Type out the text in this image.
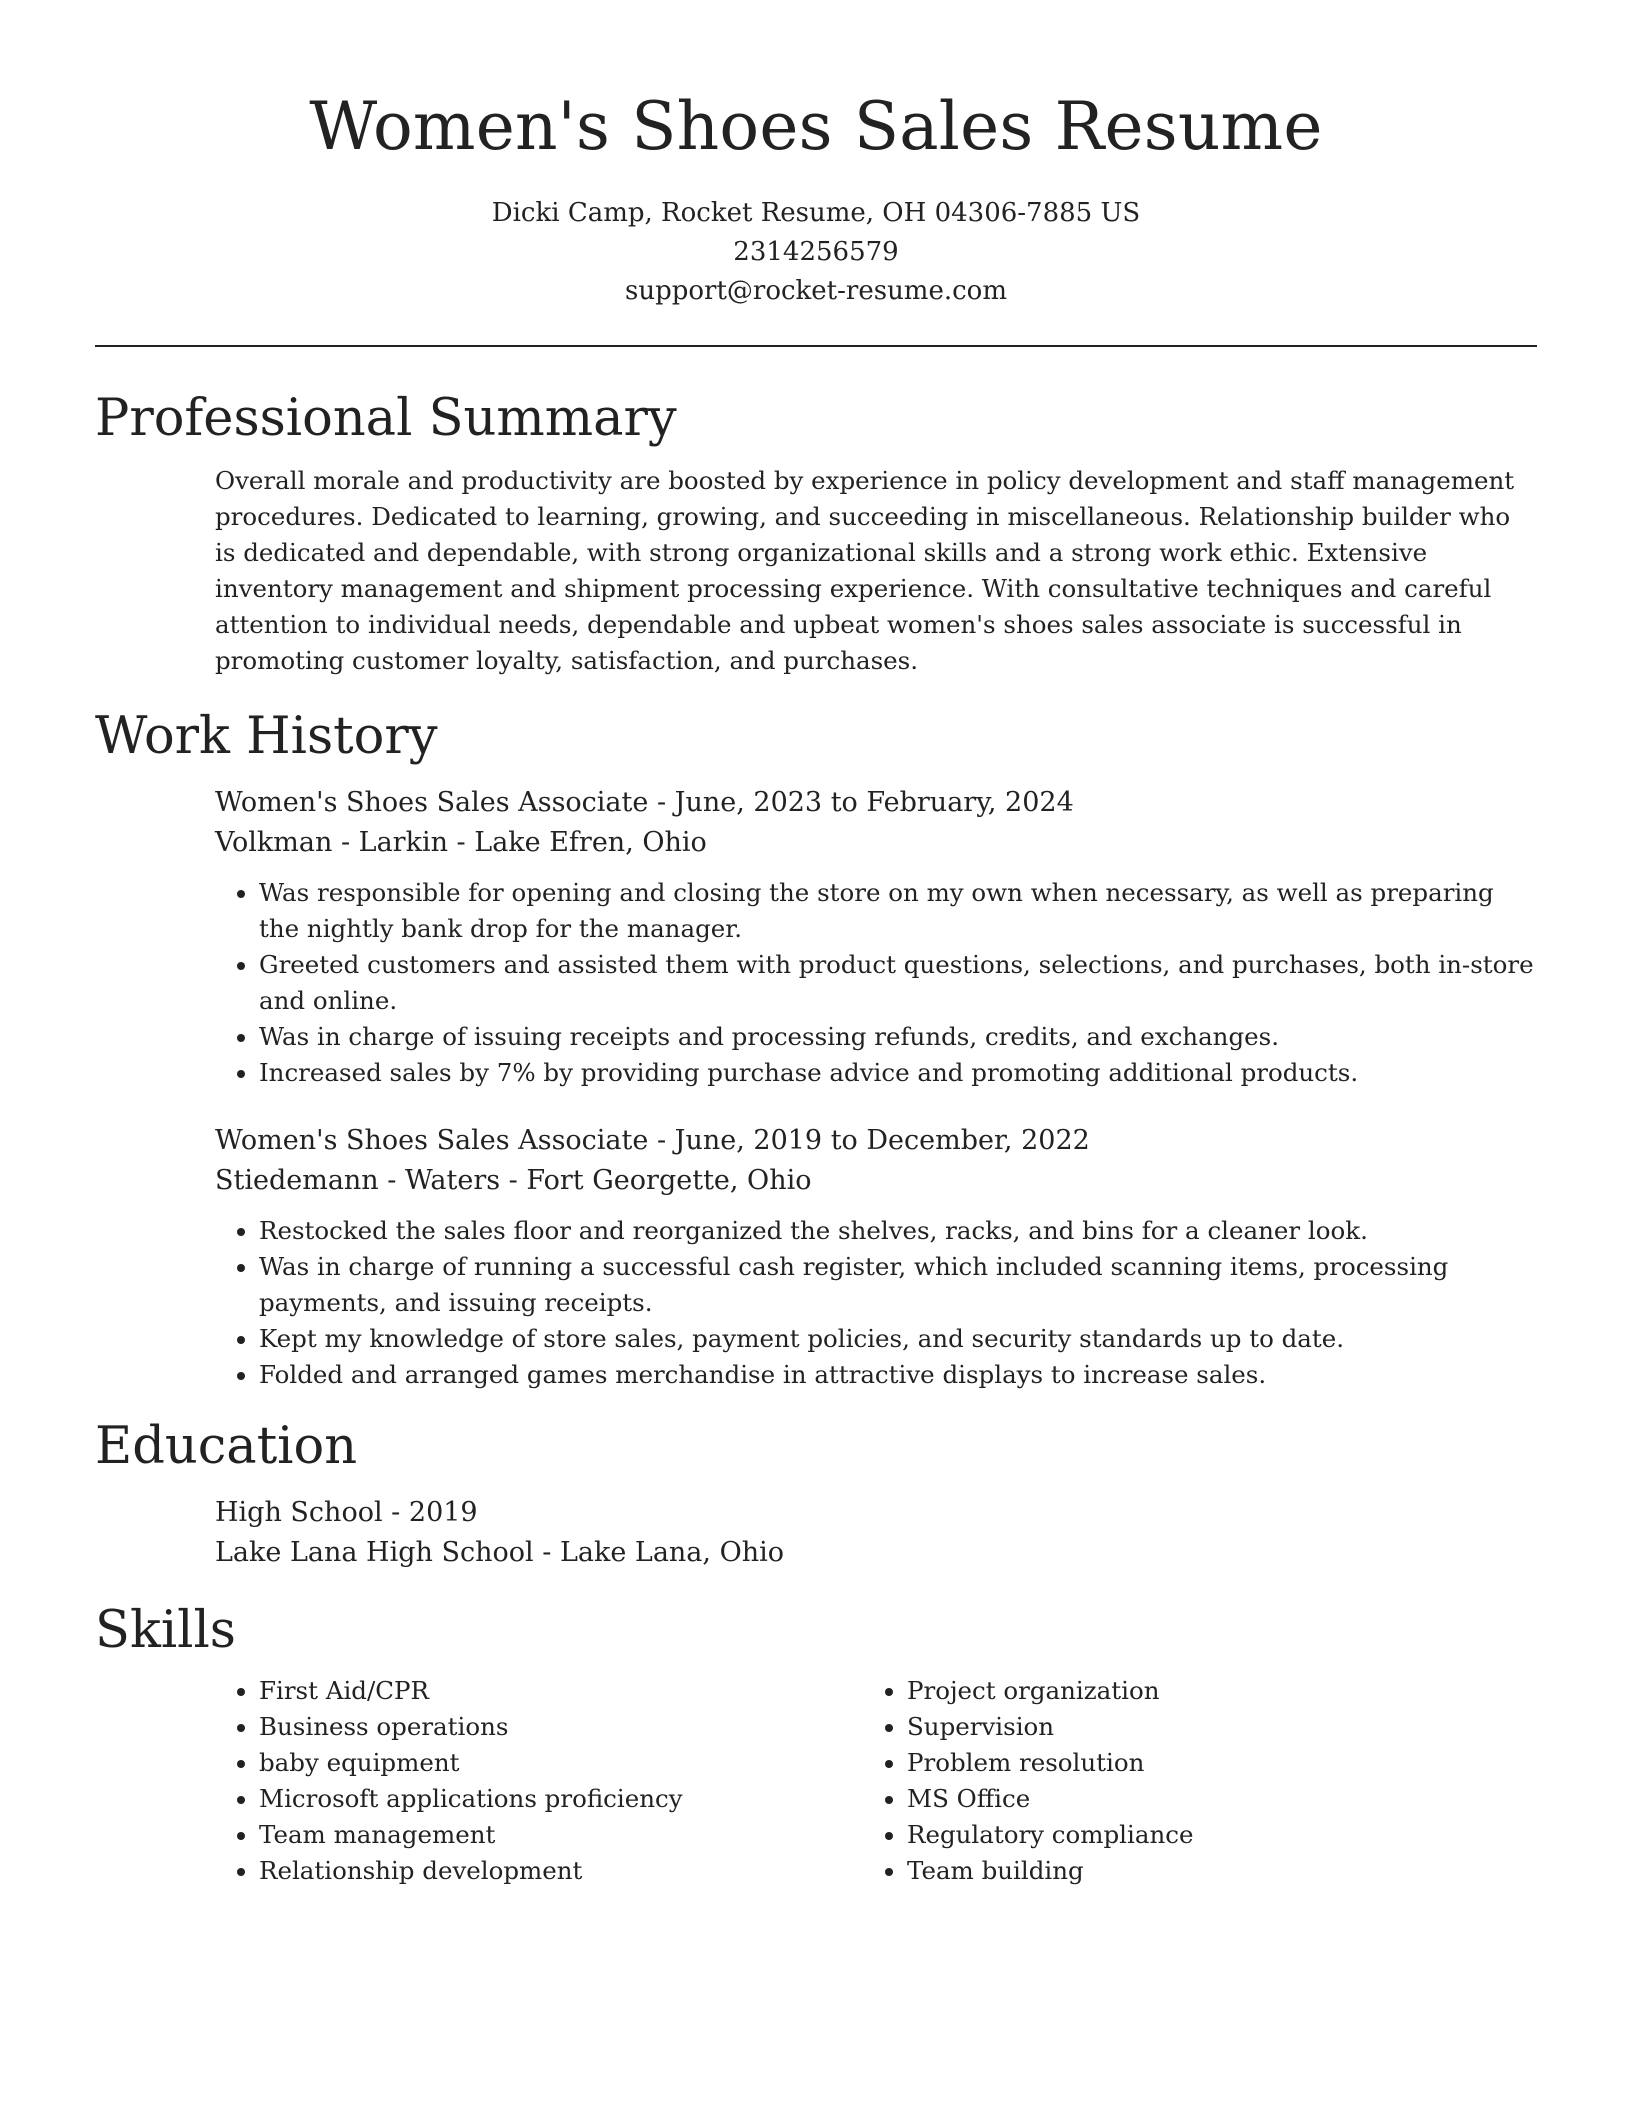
Women's Shoes Sales Resume
Dicki Camp, Rocket Resume, OH 04306-7885 US
2314256579
support@rocket-resume.com
Professional Summary
Overall morale and productivity are boosted by experience in policy development and staff management procedures. Dedicated to learning, growing, and succeeding in miscellaneous. Relationship builder who is dedicated and dependable, with strong organizational skills and a strong work ethic. Extensive inventory management and shipment processing experience. With consultative techniques and careful attention to individual needs, dependable and upbeat women's shoes sales associate is successful in promoting customer loyalty, satisfaction, and purchases.
Work History
Women's Shoes Sales Associate - June, 2023 to February, 2024
Volkman - Larkin - Lake Efren, Ohio
• Was responsible for opening and closing the store on my own when necessary, as well as preparing the nightly bank drop for the manager.
• Greeted customers and assisted them with product questions, selections, and purchases, both in-store and online.
• Was in charge of issuing receipts and processing refunds, credits, and exchanges.
• Increased sales by 7% by providing purchase advice and promoting additional products.
Women's Shoes Sales Associate - June, 2019 to December, 2022
Stiedemann - Waters - Fort Georgette, Ohio
• Restocked the sales floor and reorganized the shelves, racks, and bins for a cleaner look.
• Was in charge of running a successful cash register, which included scanning items, processing payments, and issuing receipts.
• Kept my knowledge of store sales, payment policies, and security standards up to date.
• Folded and arranged games merchandise in attractive displays to increase sales.
Education
High School - 2019
Lake Lana High School - Lake Lana, Ohio
Skills
• First Aid/CPR
• Business operations
• baby equipment
• Microsoft applications proficiency
• Team management
• Relationship development
• Project organization
• Supervision
• Problem resolution
• MS Office
• Regulatory compliance
• Team building
